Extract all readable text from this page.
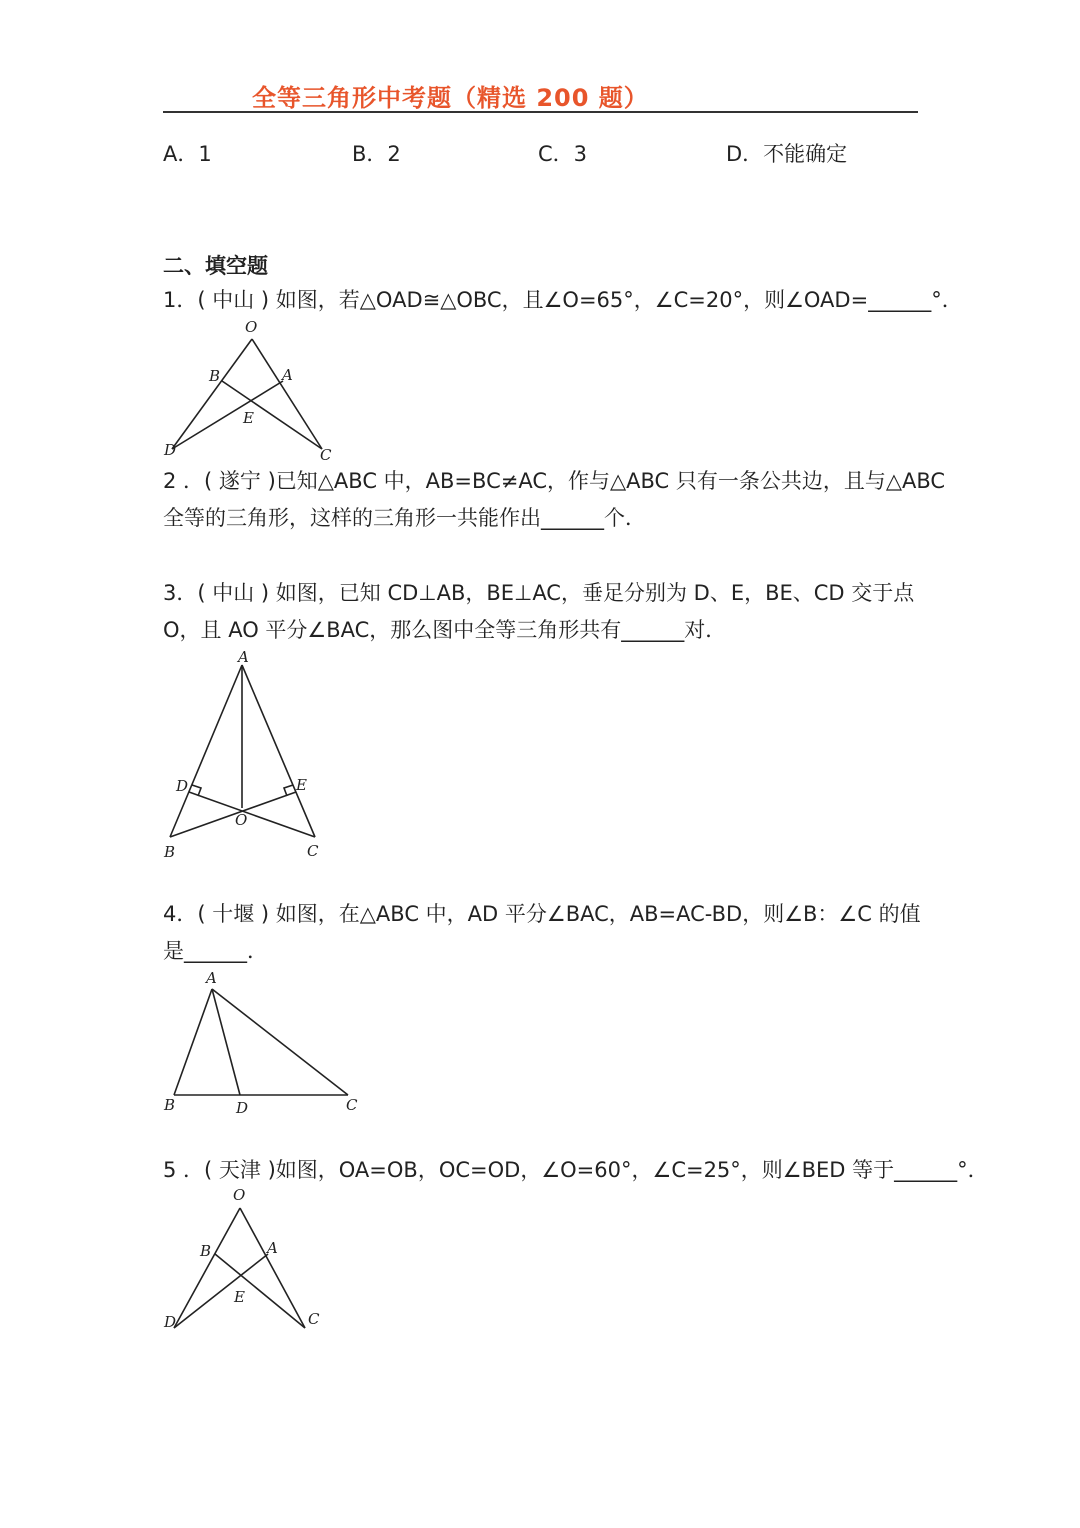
全等三角形中考题（精选 200 题）
A．1	B．2	C．3	D．不能确定
二、填空题
1．( 中山 ) 如图，若△OAD≅△OBC，且∠O=65°，∠C=20°，则∠OAD=______°．
O
B	A
E
D	C
2 ．( 遂宁 )已知△ABC 中，AB=BC≠AC，作与△ABC 只有一条公共边，且与△ABC
全等的三角形，这样的三角形一共能作出______个．
3．( 中山 ) 如图，已知 CD⊥AB，BE⊥AC，垂足分别为 D、E，BE、CD 交于点
O，且 AO 平分∠BAC，那么图中全等三角形共有______对．
A
D	E
O
B	C
4．( 十堰 ) 如图，在△ABC 中，AD 平分∠BAC，AB=AC-BD，则∠B：∠C 的值
是______．
A
B	D	C
5 ．( 天津 )如图，OA=OB，OC=OD，∠O=60°，∠C=25°，则∠BED 等于______°．
O
B	A
E
D	C
